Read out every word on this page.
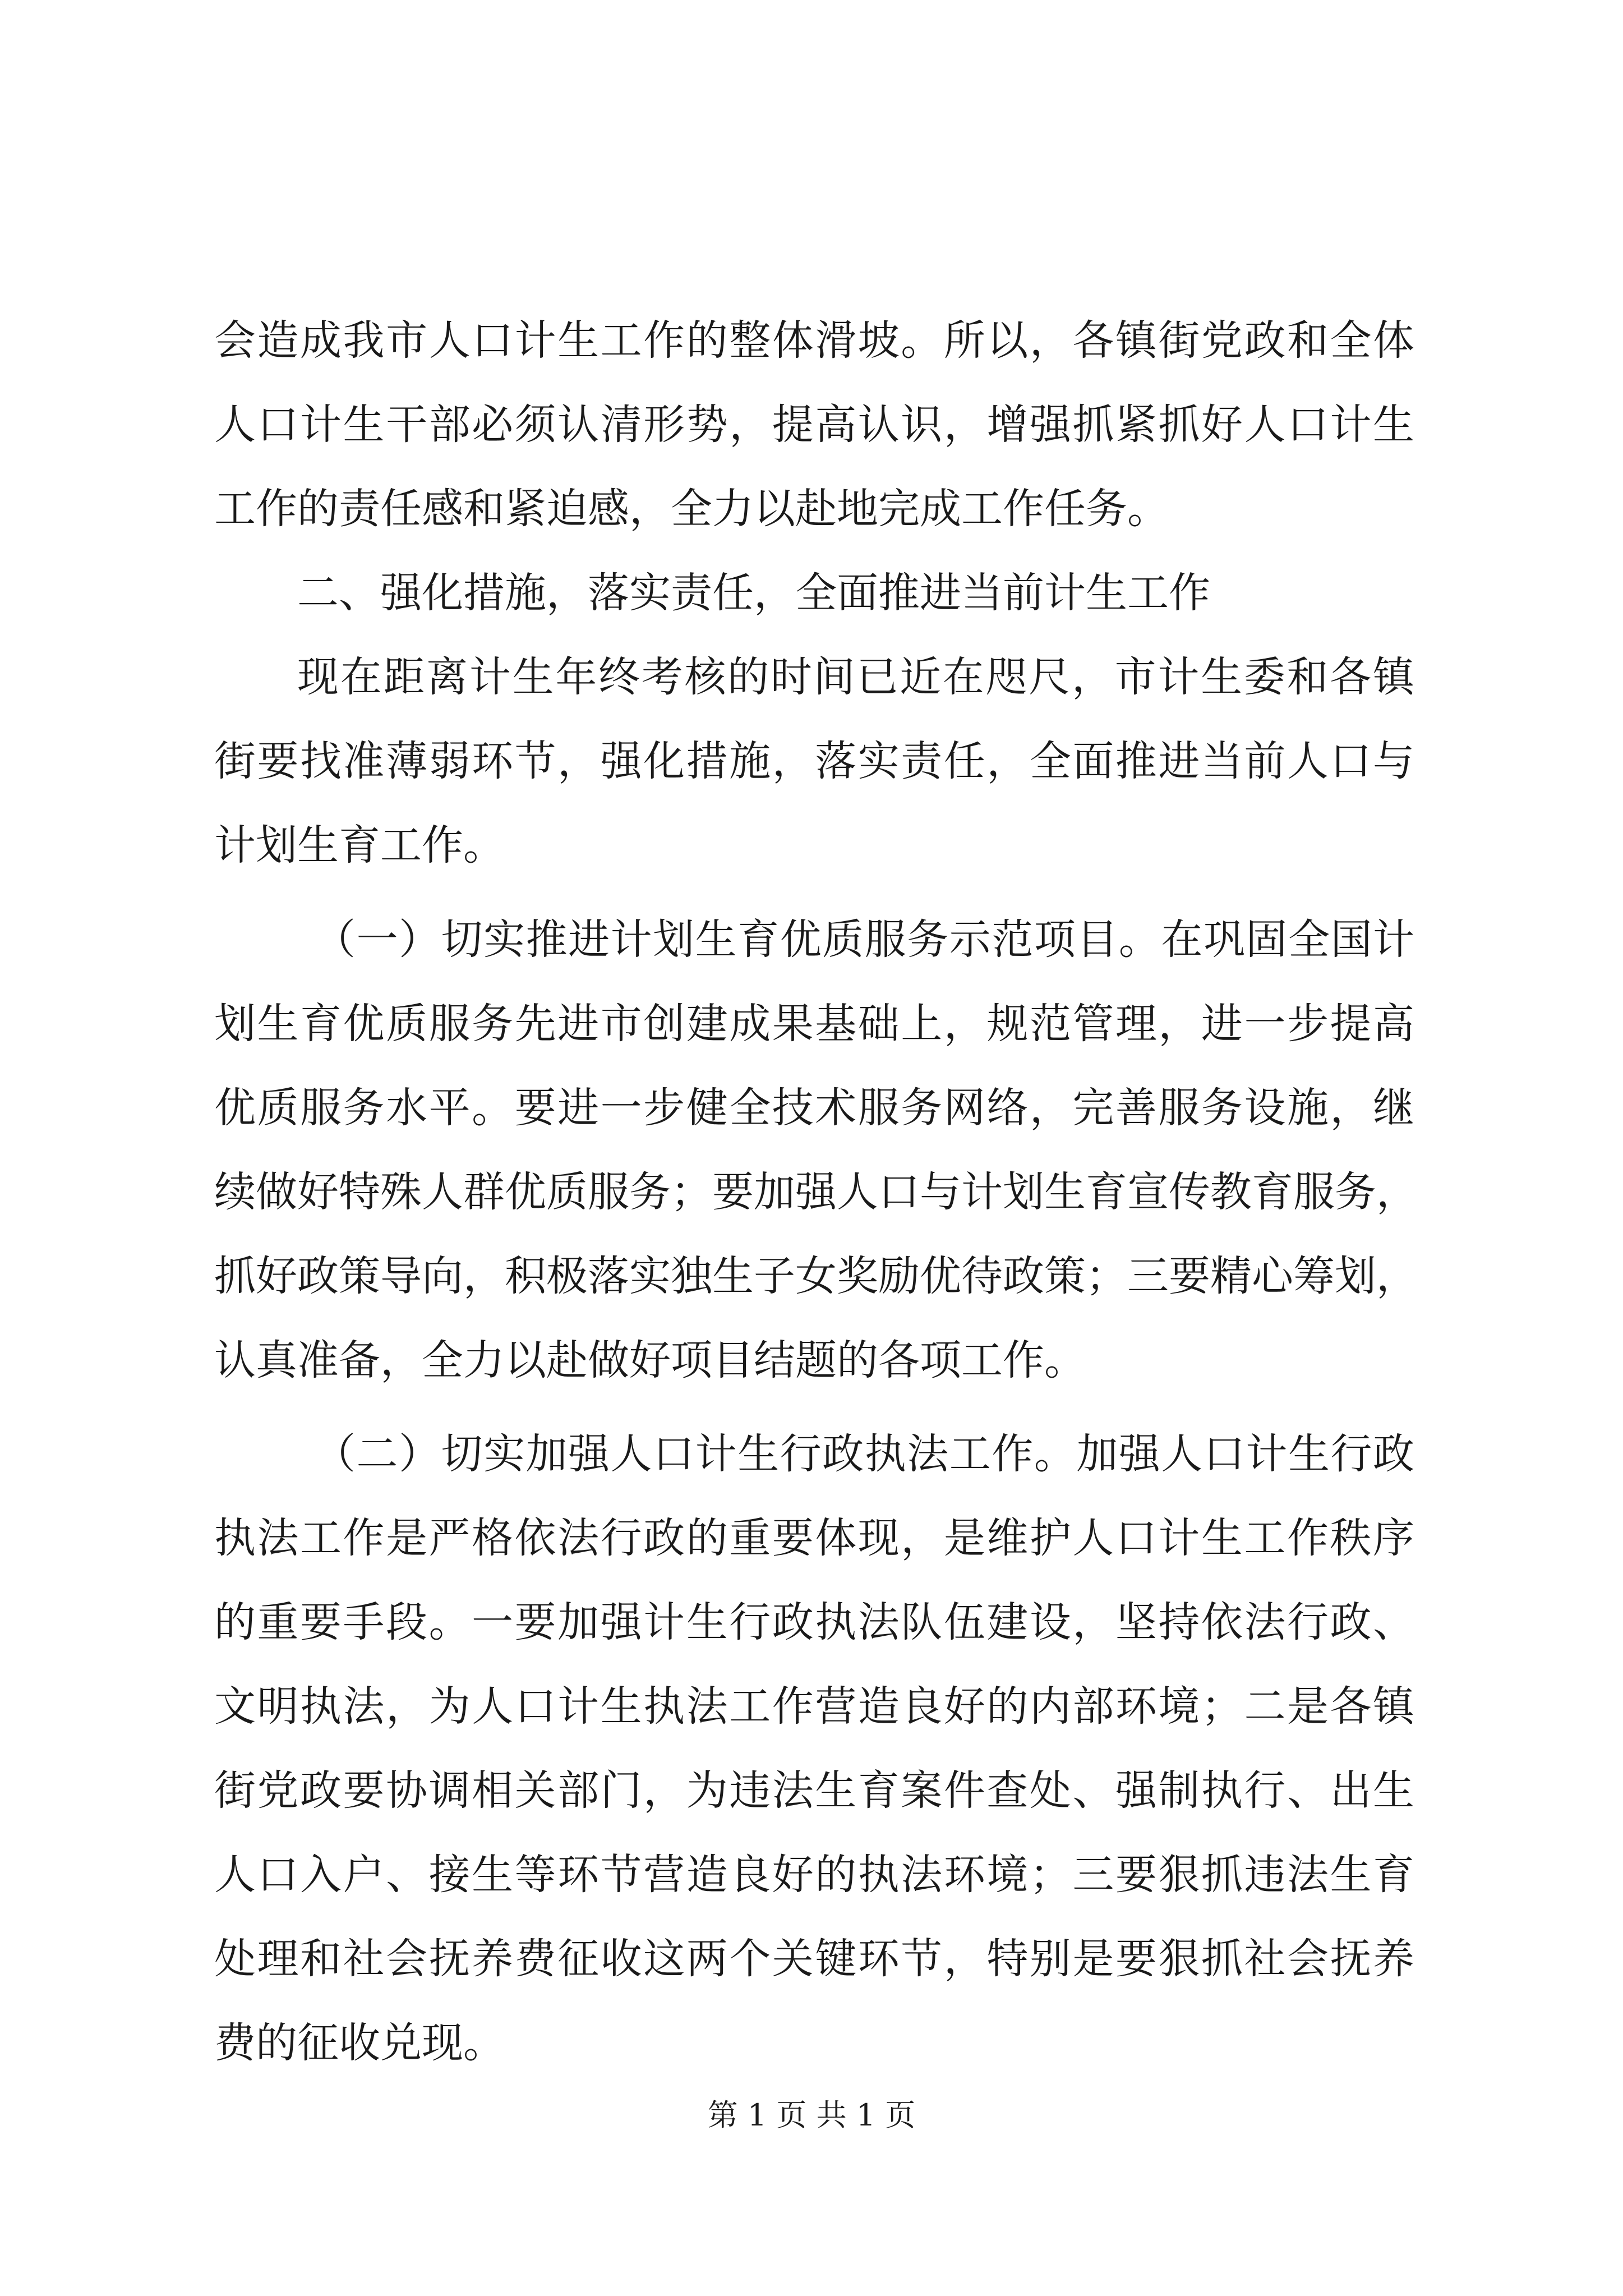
会造成我市人口计生工作的整体滑坡。所以，各镇街党政和全体
人口计生干部必须认清形势，提高认识，增强抓紧抓好人口计生
工作的责任感和紧迫感，全力以赴地完成工作任务。
二、强化措施，落实责任，全面推进当前计生工作
现在距离计生年终考核的时间已近在咫尺，市计生委和各镇
街要找准薄弱环节，强化措施，落实责任，全面推进当前人口与
计划生育工作。
（一）切实推进计划生育优质服务示范项目。在巩固全国计
划生育优质服务先进市创建成果基础上，规范管理，进一步提高
优质服务水平。要进一步健全技术服务网络，完善服务设施，继
续做好特殊人群优质服务；要加强人口与计划生育宣传教育服务，
抓好政策导向，积极落实独生子女奖励优待政策；三要精心筹划，
认真准备，全力以赴做好项目结题的各项工作。
（二）切实加强人口计生行政执法工作。加强人口计生行政
执法工作是严格依法行政的重要体现，是维护人口计生工作秩序
的重要手段。一要加强计生行政执法队伍建设，坚持依法行政、
文明执法，为人口计生执法工作营造良好的内部环境；二是各镇
街党政要协调相关部门，为违法生育案件查处、强制执行、出生
人口入户、接生等环节营造良好的执法环境；三要狠抓违法生育
处理和社会抚养费征收这两个关键环节，特别是要狠抓社会抚养
费的征收兑现。
第 1 页 共 1 页
